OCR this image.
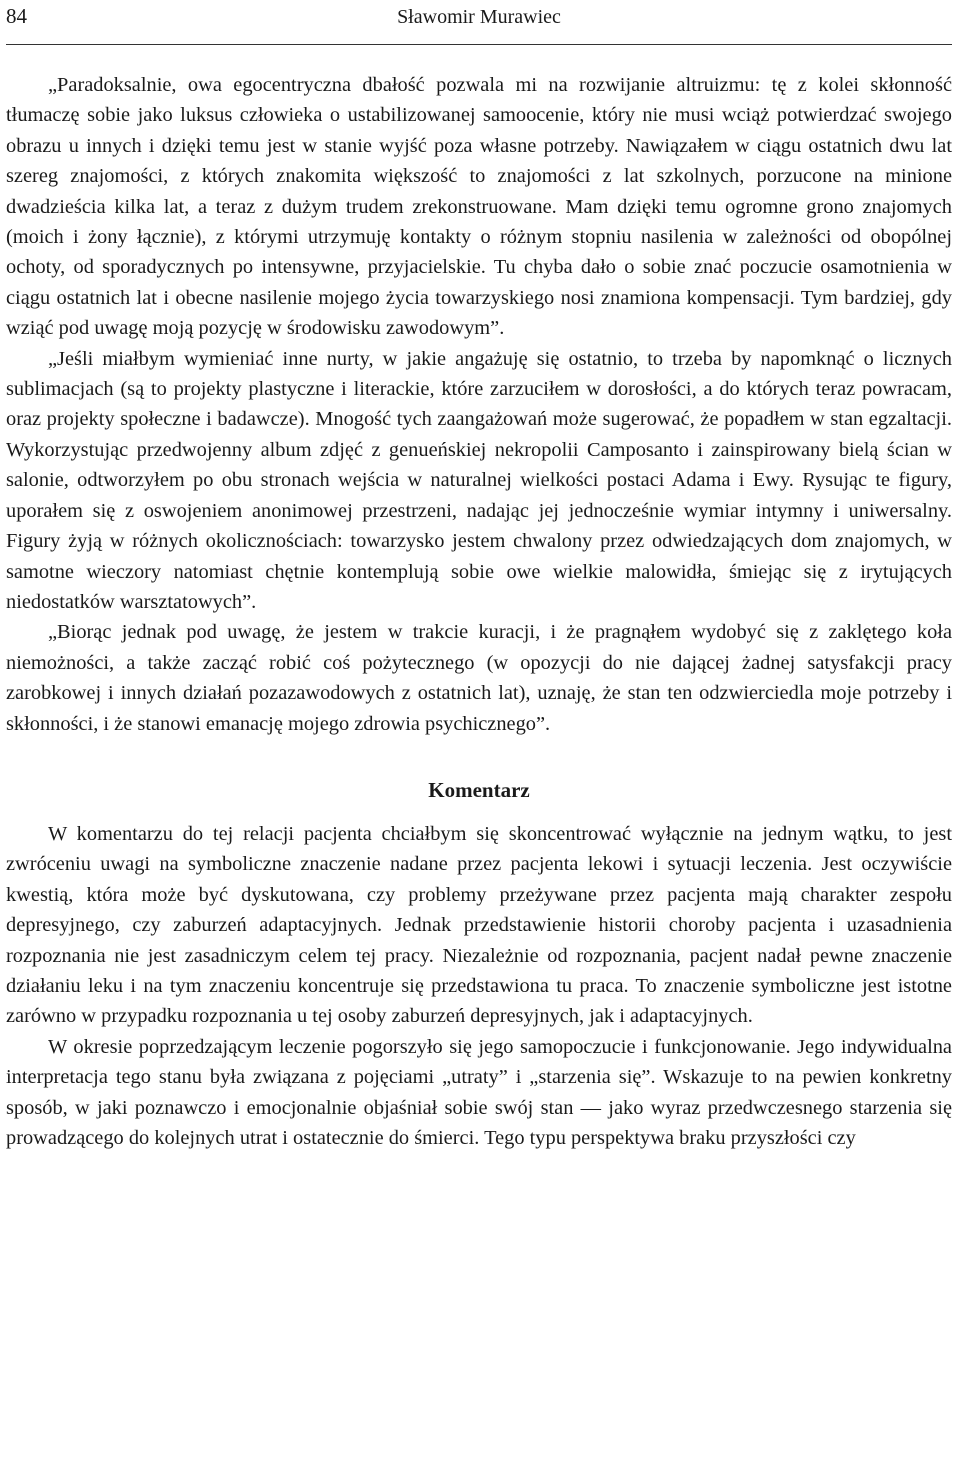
84	Sławomir Murawiec

„Paradoksalnie, owa egocentryczna dbałość pozwala mi na rozwijanie altruizmu: tę z kolei skłonność tłumaczę sobie jako luksus człowieka o ustabilizowanej samoocenie, który nie musi wciąż potwierdzać swojego obrazu u innych i dzięki temu jest w stanie wyjść poza własne potrzeby. Nawiązałem w ciągu ostatnich dwu lat szereg znajomości, z których znakomita większość to znajomości z lat szkolnych, porzucone na minione dwadzieścia kilka lat, a teraz z dużym trudem zrekonstruowane. Mam dzięki temu ogromne grono znajomych (moich i żony łącznie), z którymi utrzymuję kontakty o różnym stopniu nasilenia w zależności od obopólnej ochoty, od sporadycznych po intensywne, przyjacielskie. Tu chyba dało o sobie znać poczucie osamotnienia w ciągu ostatnich lat i obecne nasilenie mojego życia towarzyskiego nosi znamiona kompensacji. Tym bardziej, gdy wziąć pod uwagę moją pozycję w środowisku zawodowym”.

„Jeśli miałbym wymieniać inne nurty, w jakie angażuję się ostatnio, to trzeba by napomknąć o licznych sublimacjach (są to projekty plastyczne i literackie, które zarzuciłem w dorosłości, a do których teraz powracam, oraz projekty społeczne i badawcze). Mnogość tych zaangażowań może sugerować, że popadłem w stan egzaltacji. Wykorzystując przedwojenny album zdjęć z genueńskiej nekropolii Camposanto i zainspirowany bielą ścian w salonie, odtworzyłem po obu stronach wejścia w naturalnej wielkości postaci Adama i Ewy. Rysując te figury, uporałem się z oswojeniem anonimowej przestrzeni, nadając jej jednocześnie wymiar intymny i uniwersalny. Figury żyją w różnych okolicznościach: towarzysko jestem chwalony przez odwiedzających dom znajomych, w samotne wieczory natomiast chętnie kontemplują sobie owe wielkie malowidła, śmiejąc się z irytujących niedostatków warsztatowych”.

„Biorąc jednak pod uwagę, że jestem w trakcie kuracji, i że pragnąłem wydobyć się z zaklętego koła niemożności, a także zacząć robić coś pożytecznego (w opozycji do nie dającej żadnej satysfakcji pracy zarobkowej i innych działań pozazawodowych z ostatnich lat), uznaję, że stan ten odzwierciedla moje potrzeby i skłonności, i że stanowi emanację mojego zdrowia psychicznego”.

Komentarz

W komentarzu do tej relacji pacjenta chciałbym się skoncentrować wyłącznie na jednym wątku, to jest zwróceniu uwagi na symboliczne znaczenie nadane przez pacjenta lekowi i sytuacji leczenia. Jest oczywiście kwestią, która może być dyskutowana, czy problemy przeżywane przez pacjenta mają charakter zespołu depresyjnego, czy zaburzeń adaptacyjnych. Jednak przedstawienie historii choroby pacjenta i uzasadnienia rozpoznania nie jest zasadniczym celem tej pracy. Niezależnie od rozpoznania, pacjent nadał pewne znaczenie działaniu leku i na tym znaczeniu koncentruje się przedstawiona tu praca. To znaczenie symboliczne jest istotne zarówno w przypadku rozpoznania u tej osoby zaburzeń depresyjnych, jak i adaptacyjnych.

W okresie poprzedzającym leczenie pogorszyło się jego samopoczucie i funkcjonowanie. Jego indywidualna interpretacja tego stanu była związana z pojęciami „utraty” i „starzenia się”. Wskazuje to na pewien konkretny sposób, w jaki poznawczo i emocjonalnie objaśniał sobie swój stan — jako wyraz przedwczesnego starzenia się prowadzącego do kolejnych utrat i ostatecznie do śmierci. Tego typu perspektywa braku przyszłości czy
